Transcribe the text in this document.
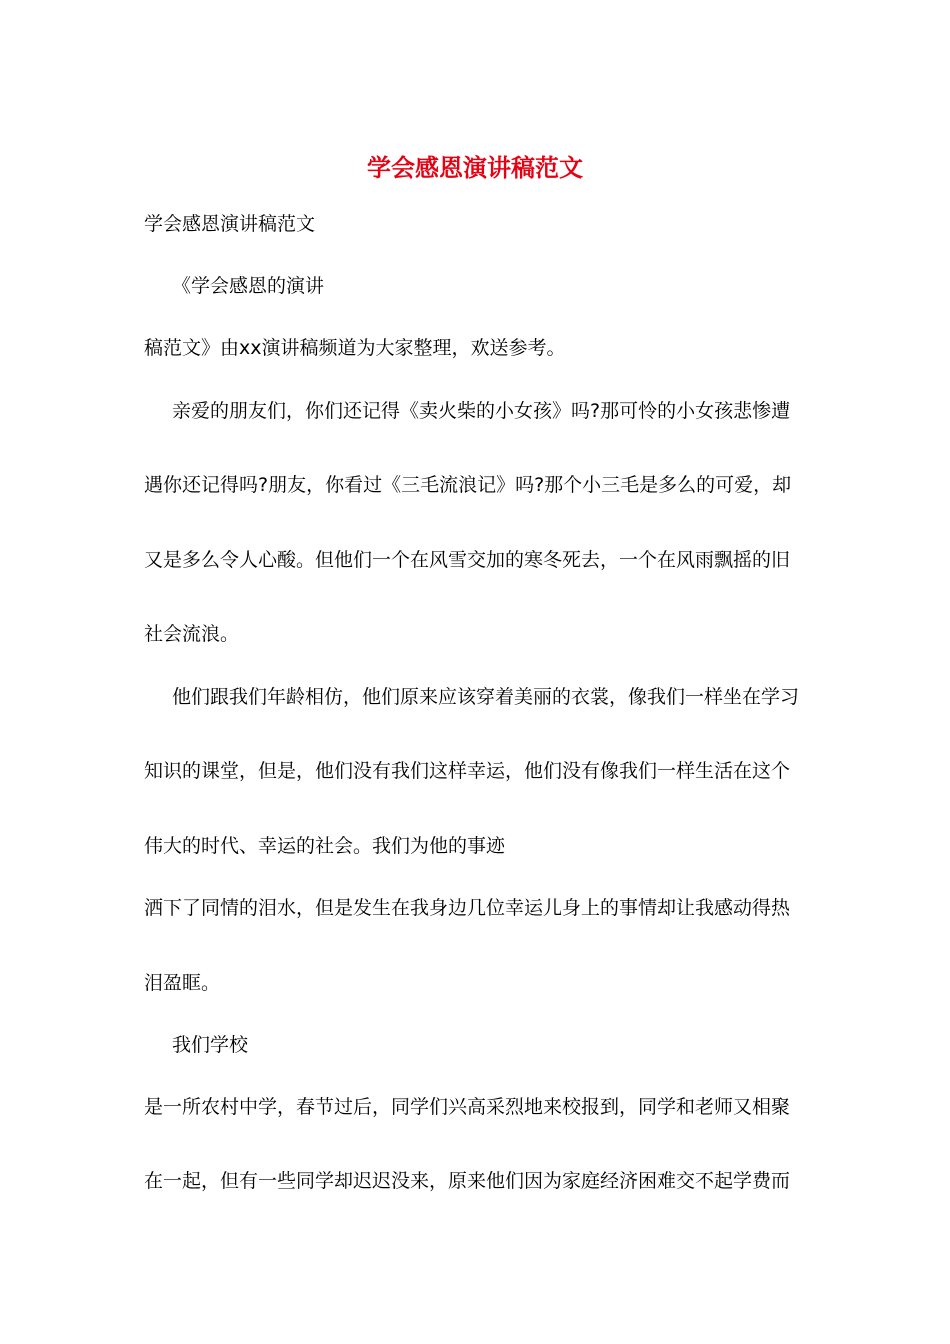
学会感恩演讲稿范文

学会感恩演讲稿范文

《学会感恩的演讲

稿范文》由xx演讲稿频道为大家整理，欢送参考。

亲爱的朋友们，你们还记得《卖火柴的小女孩》吗?那可怜的小女孩悲惨遭

遇你还记得吗?朋友，你看过《三毛流浪记》吗?那个小三毛是多么的可爱，却

又是多么令人心酸。但他们一个在风雪交加的寒冬死去，一个在风雨飘摇的旧

社会流浪。

他们跟我们年龄相仿，他们原来应该穿着美丽的衣裳，像我们一样坐在学习

知识的课堂，但是，他们没有我们这样幸运，他们没有像我们一样生活在这个

伟大的时代、幸运的社会。我们为他的事迹

洒下了同情的泪水，但是发生在我身边几位幸运儿身上的事情却让我感动得热

泪盈眶。

我们学校

是一所农村中学，春节过后，同学们兴高采烈地来校报到，同学和老师又相聚

在一起，但有一些同学却迟迟没来，原来他们因为家庭经济困难交不起学费而
